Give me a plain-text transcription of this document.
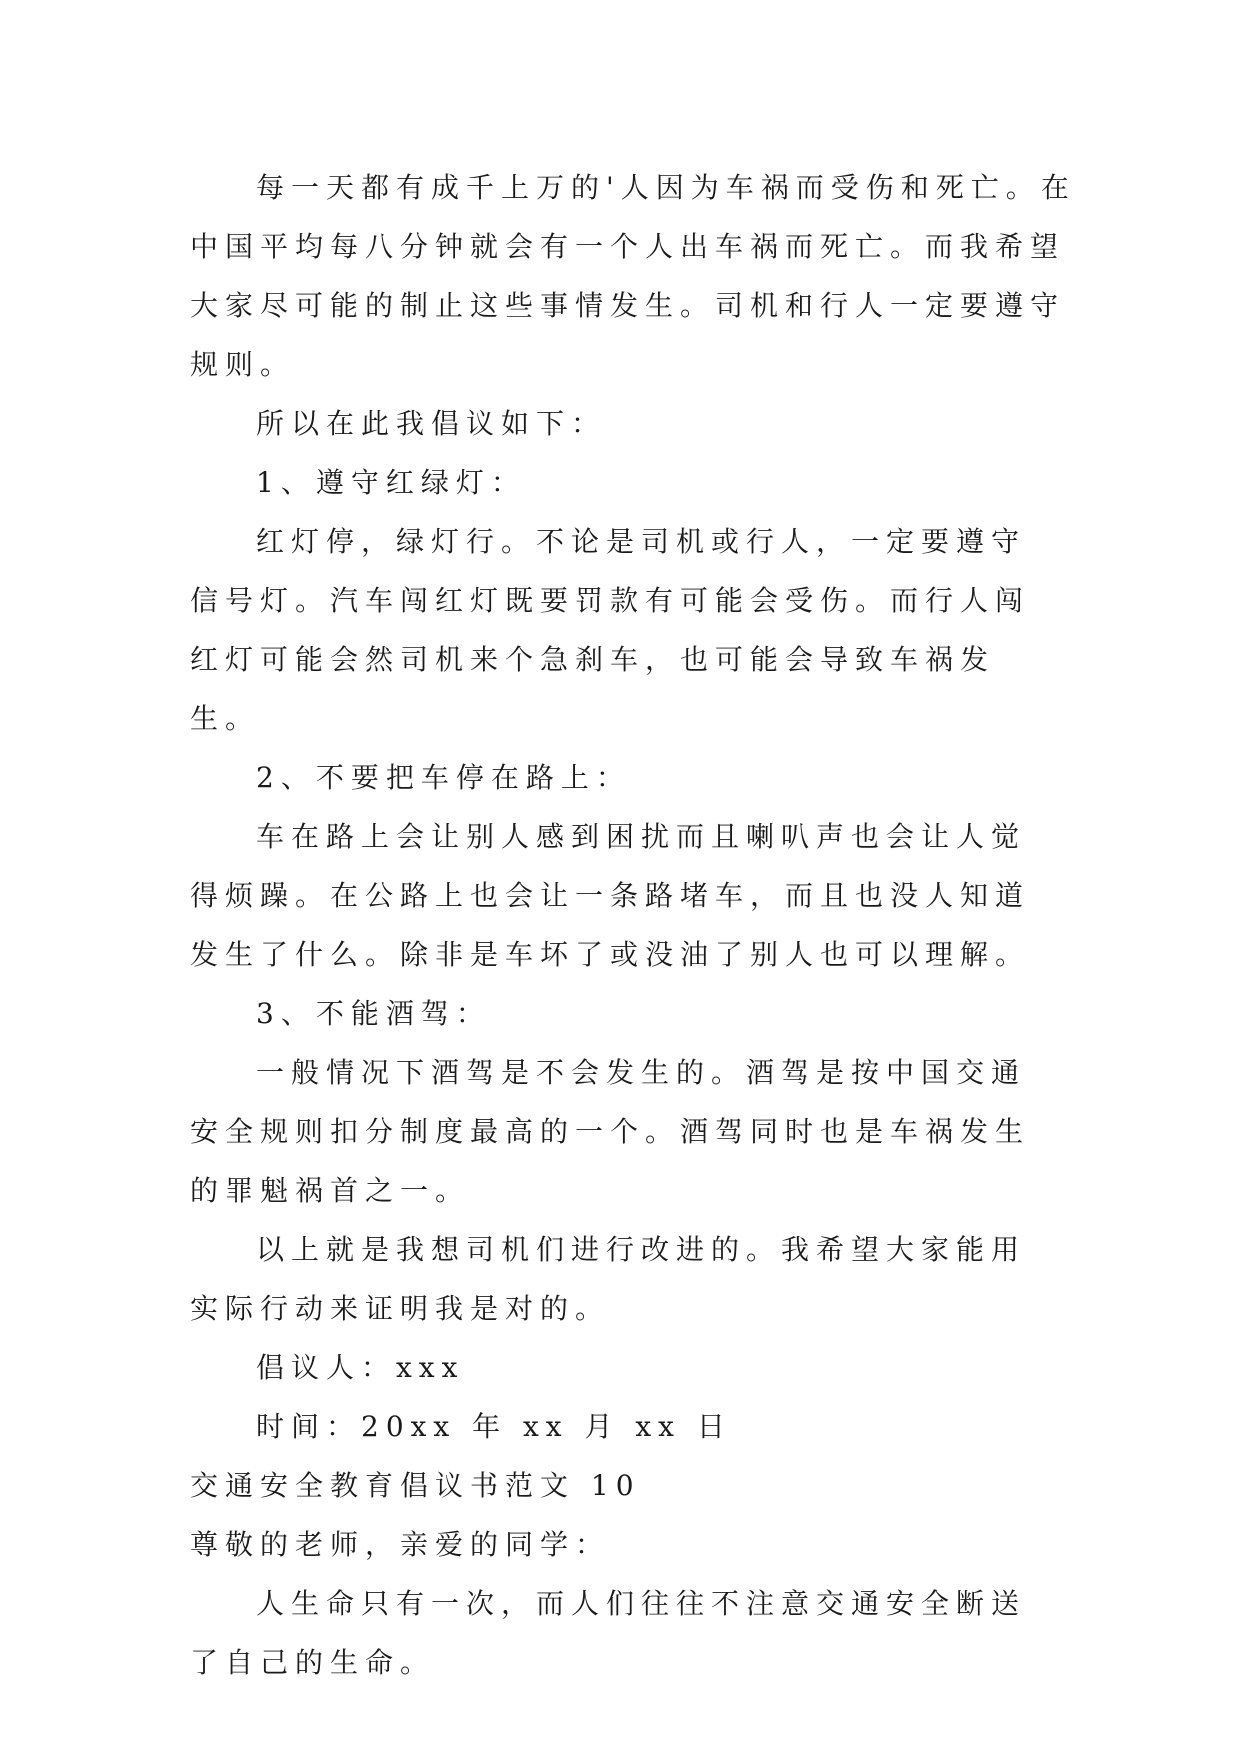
每一天都有成千上万的'人因为车祸而受伤和死亡。在中国平均每八分钟就会有一个人出车祸而死亡。而我希望大家尽可能的制止这些事情发生。司机和行人一定要遵守规则。

所以在此我倡议如下：

1、遵守红绿灯：

红灯停，绿灯行。不论是司机或行人，一定要遵守信号灯。汽车闯红灯既要罚款有可能会受伤。而行人闯红灯可能会然司机来个急刹车，也可能会导致车祸发生。

2、不要把车停在路上：

车在路上会让别人感到困扰而且喇叭声也会让人觉得烦躁。在公路上也会让一条路堵车，而且也没人知道发生了什么。除非是车坏了或没油了别人也可以理解。

3、不能酒驾：

一般情况下酒驾是不会发生的。酒驾是按中国交通安全规则扣分制度最高的一个。酒驾同时也是车祸发生的罪魁祸首之一。

以上就是我想司机们进行改进的。我希望大家能用实际行动来证明我是对的。

倡议人：xxx

时间：20xx 年 xx 月 xx 日

交通安全教育倡议书范文 10

尊敬的老师，亲爱的同学：

人生命只有一次，而人们往往不注意交通安全断送了自己的生命。
